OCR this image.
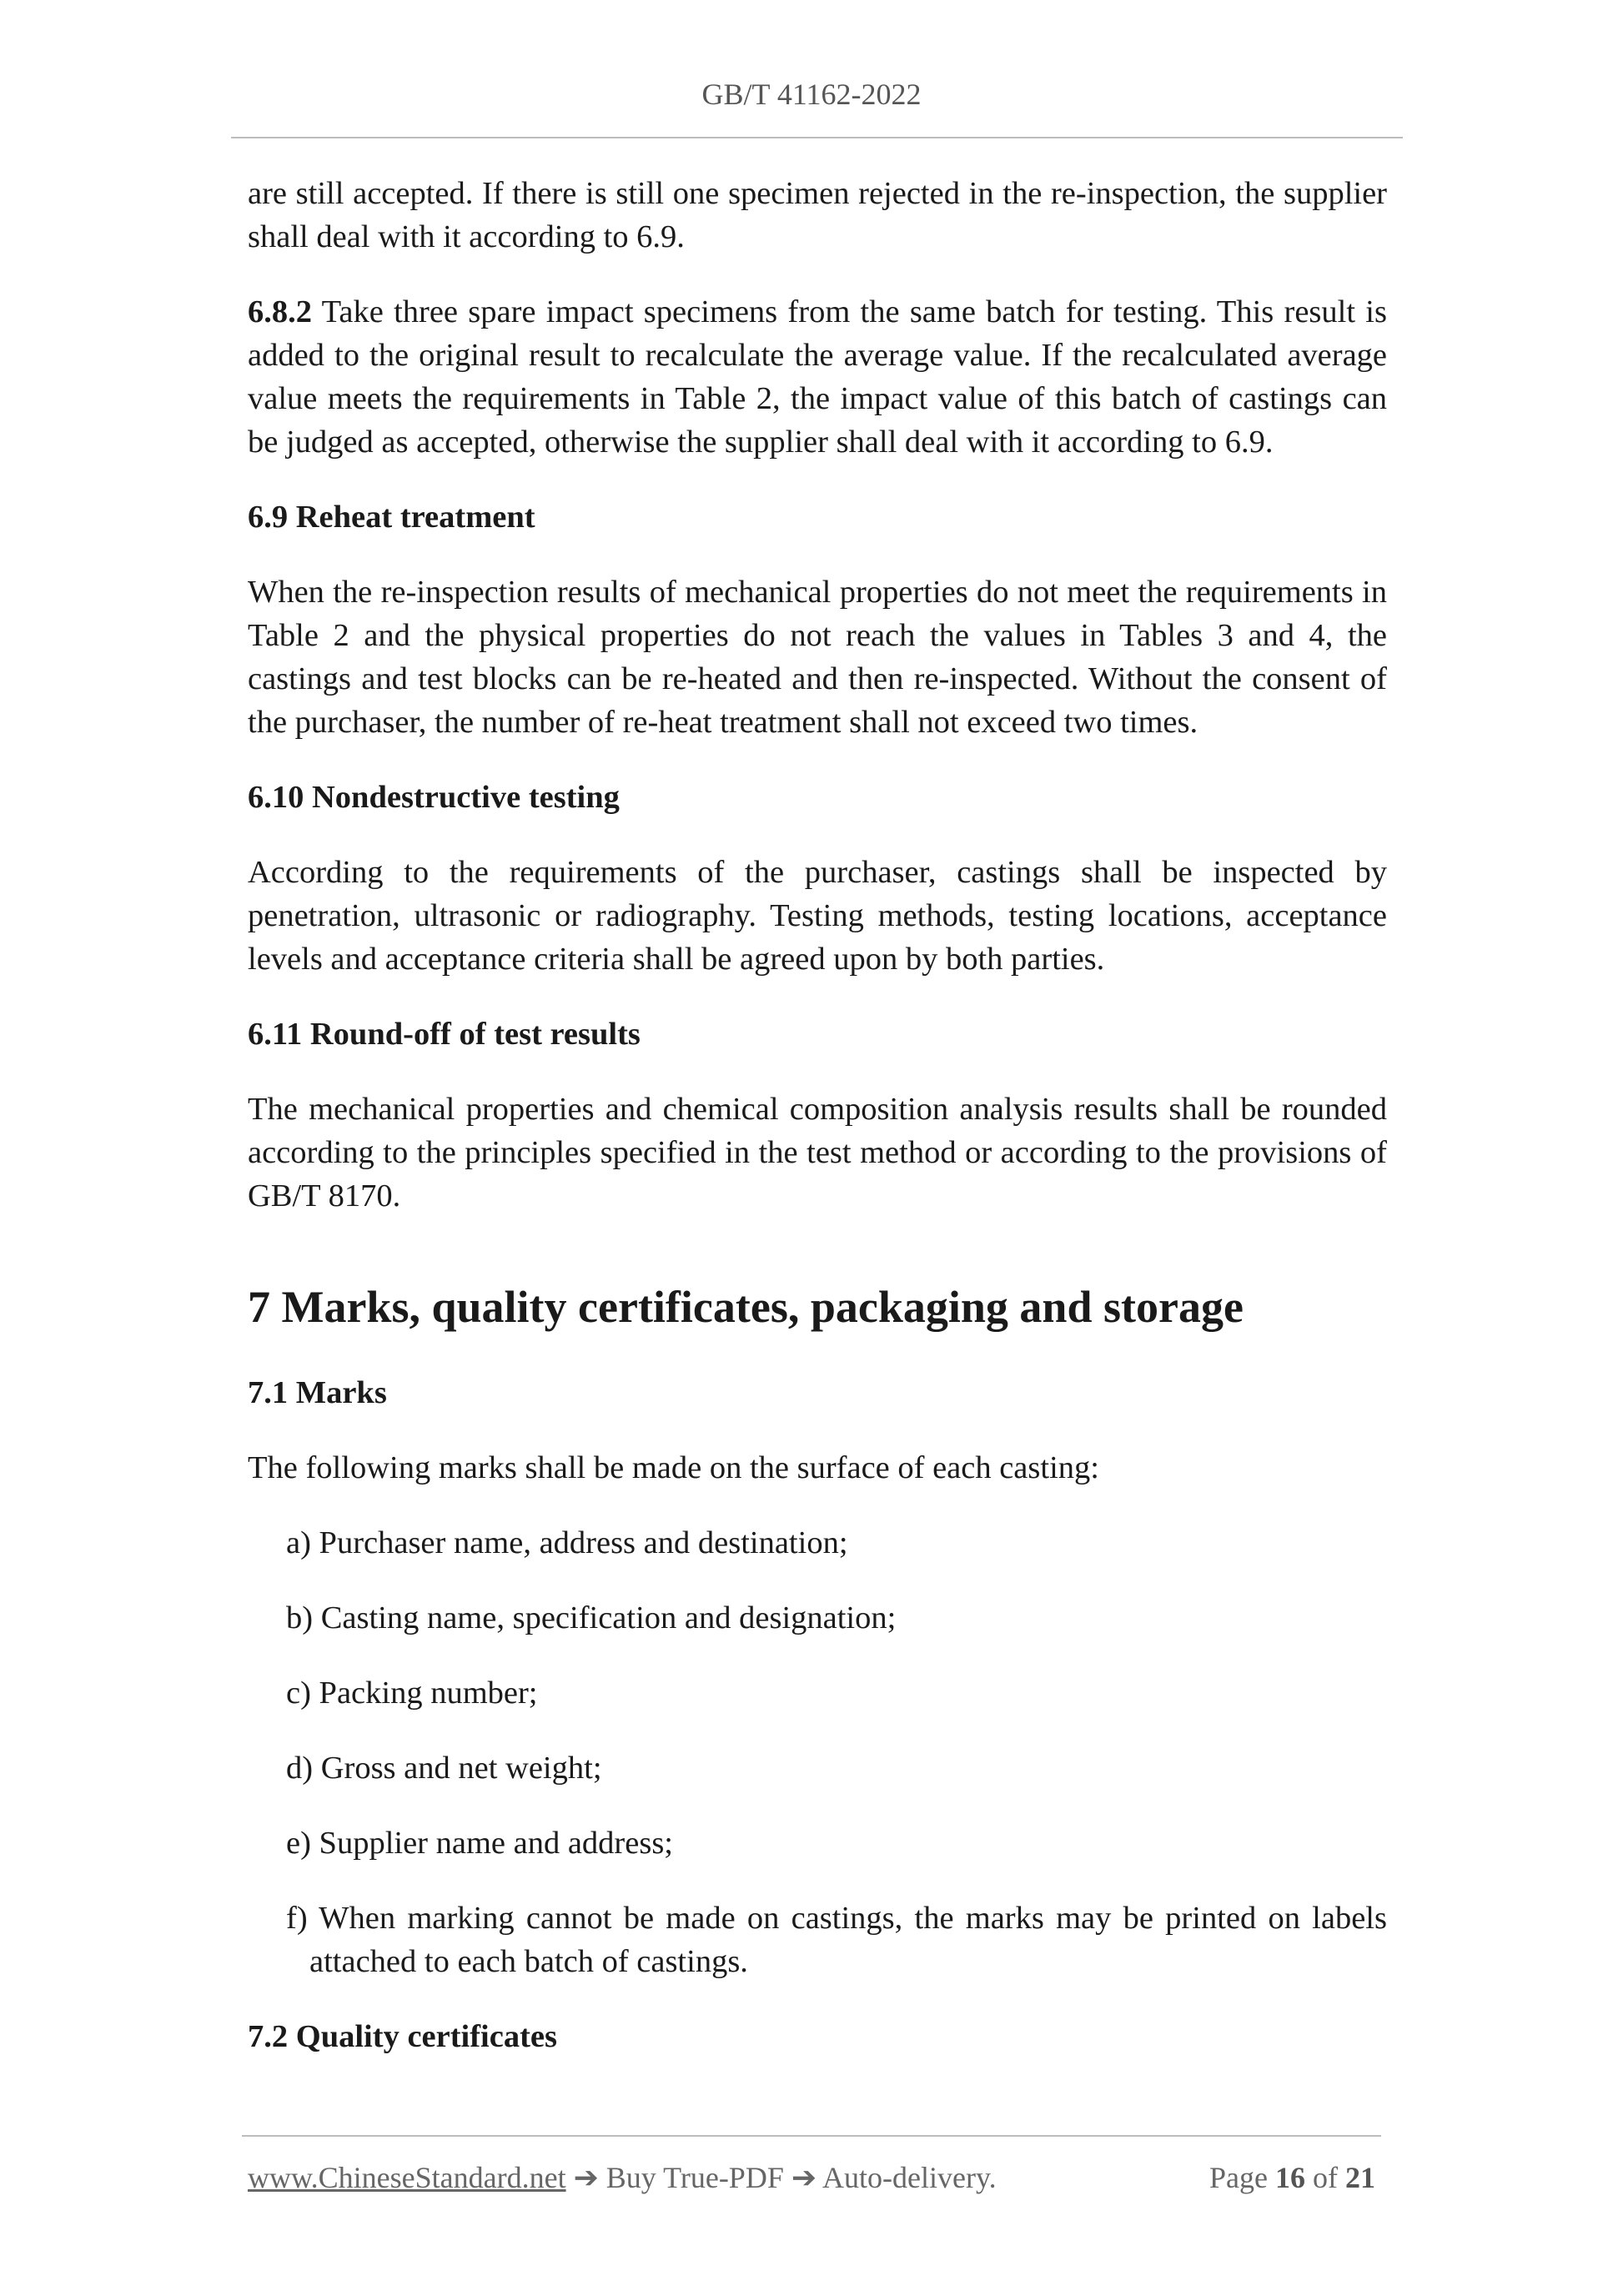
GB/T 41162-2022

are still accepted. If there is still one specimen rejected in the re-inspection, the supplier shall deal with it according to 6.9.

6.8.2 Take three spare impact specimens from the same batch for testing. This result is added to the original result to recalculate the average value. If the recalculated average value meets the requirements in Table 2, the impact value of this batch of castings can be judged as accepted, otherwise the supplier shall deal with it according to 6.9.

6.9 Reheat treatment

When the re-inspection results of mechanical properties do not meet the requirements in Table 2 and the physical properties do not reach the values in Tables 3 and 4, the castings and test blocks can be re-heated and then re-inspected. Without the consent of the purchaser, the number of re-heat treatment shall not exceed two times.

6.10 Nondestructive testing

According to the requirements of the purchaser, castings shall be inspected by penetration, ultrasonic or radiography. Testing methods, testing locations, acceptance levels and acceptance criteria shall be agreed upon by both parties.

6.11 Round-off of test results

The mechanical properties and chemical composition analysis results shall be rounded according to the principles specified in the test method or according to the provisions of GB/T 8170.

7 Marks, quality certificates, packaging and storage
7.1 Marks

The following marks shall be made on the surface of each casting:

a) Purchaser name, address and destination;
b) Casting name, specification and designation;
c) Packing number;
d) Gross and net weight;
e) Supplier name and address;
f) When marking cannot be made on castings, the marks may be printed on labels attached to each batch of castings.
7.2 Quality certificates
www.ChineseStandard.net ➔ Buy True-PDF ➔ Auto-delivery.	Page 16 of 21
